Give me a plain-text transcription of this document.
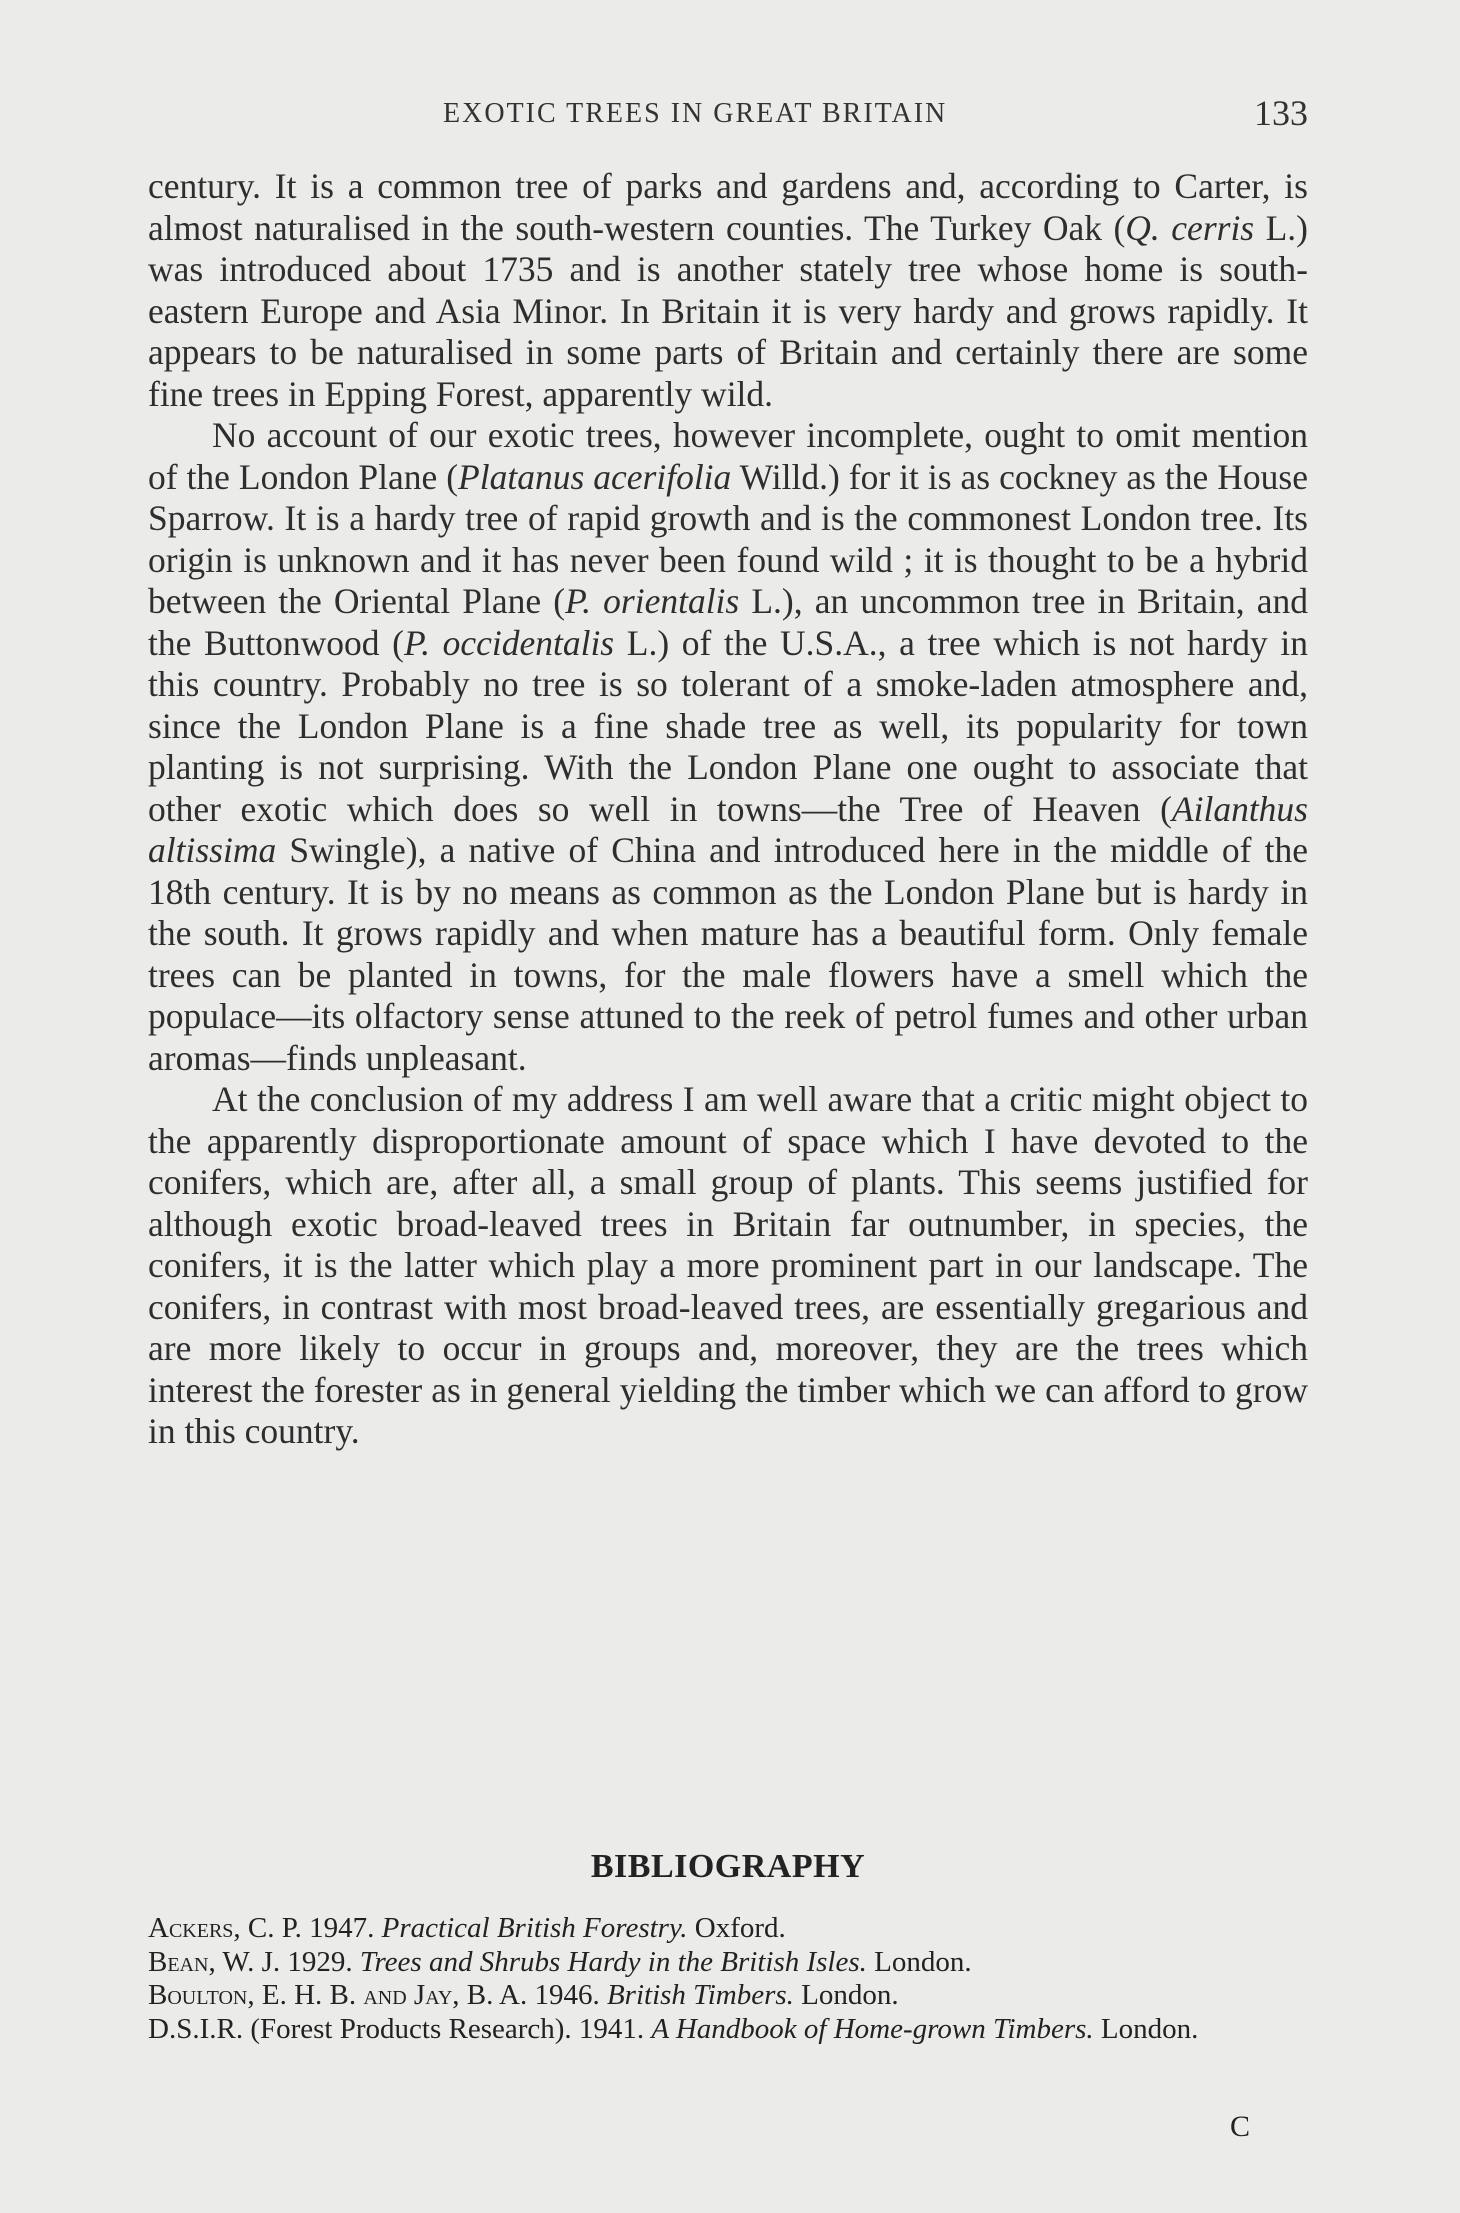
EXOTIC TREES IN GREAT BRITAIN	133

century. It is a common tree of parks and gardens and, according to Carter, is almost naturalised in the south-western counties. The Turkey Oak (Q. cerris L.) was introduced about 1735 and is another stately tree whose home is south-eastern Europe and Asia Minor. In Britain it is very hardy and grows rapidly. It appears to be naturalised in some parts of Britain and certainly there are some fine trees in Epping Forest, apparently wild.

No account of our exotic trees, however incomplete, ought to omit mention of the London Plane (Platanus acerifolia Willd.) for it is as cockney as the House Sparrow. It is a hardy tree of rapid growth and is the commonest London tree. Its origin is unknown and it has never been found wild ; it is thought to be a hybrid between the Oriental Plane (P. orientalis L.), an uncommon tree in Britain, and the Buttonwood (P. occidentalis L.) of the U.S.A., a tree which is not hardy in this country. Probably no tree is so tolerant of a smoke-laden atmosphere and, since the London Plane is a fine shade tree as well, its popularity for town planting is not surprising. With the London Plane one ought to associate that other exotic which does so well in towns—the Tree of Heaven (Ailanthus altissima Swingle), a native of China and introduced here in the middle of the 18th century. It is by no means as common as the London Plane but is hardy in the south. It grows rapidly and when mature has a beautiful form. Only female trees can be planted in towns, for the male flowers have a smell which the populace—its olfactory sense attuned to the reek of petrol fumes and other urban aromas—finds unpleasant.

At the conclusion of my address I am well aware that a critic might object to the apparently disproportionate amount of space which I have devoted to the conifers, which are, after all, a small group of plants. This seems justified for although exotic broad-leaved trees in Britain far outnumber, in species, the conifers, it is the latter which play a more prominent part in our landscape. The conifers, in contrast with most broad-leaved trees, are essentially gregarious and are more likely to occur in groups and, moreover, they are the trees which interest the forester as in general yielding the timber which we can afford to grow in this country.

BIBLIOGRAPHY
Ackers, C. P. 1947. Practical British Forestry. Oxford.
Bean, W. J. 1929. Trees and Shrubs Hardy in the British Isles. London.
Boulton, E. H. B. and Jay, B. A. 1946. British Timbers. London.
D.S.I.R. (Forest Products Research). 1941. A Handbook of Home-grown Timbers. London.
C
